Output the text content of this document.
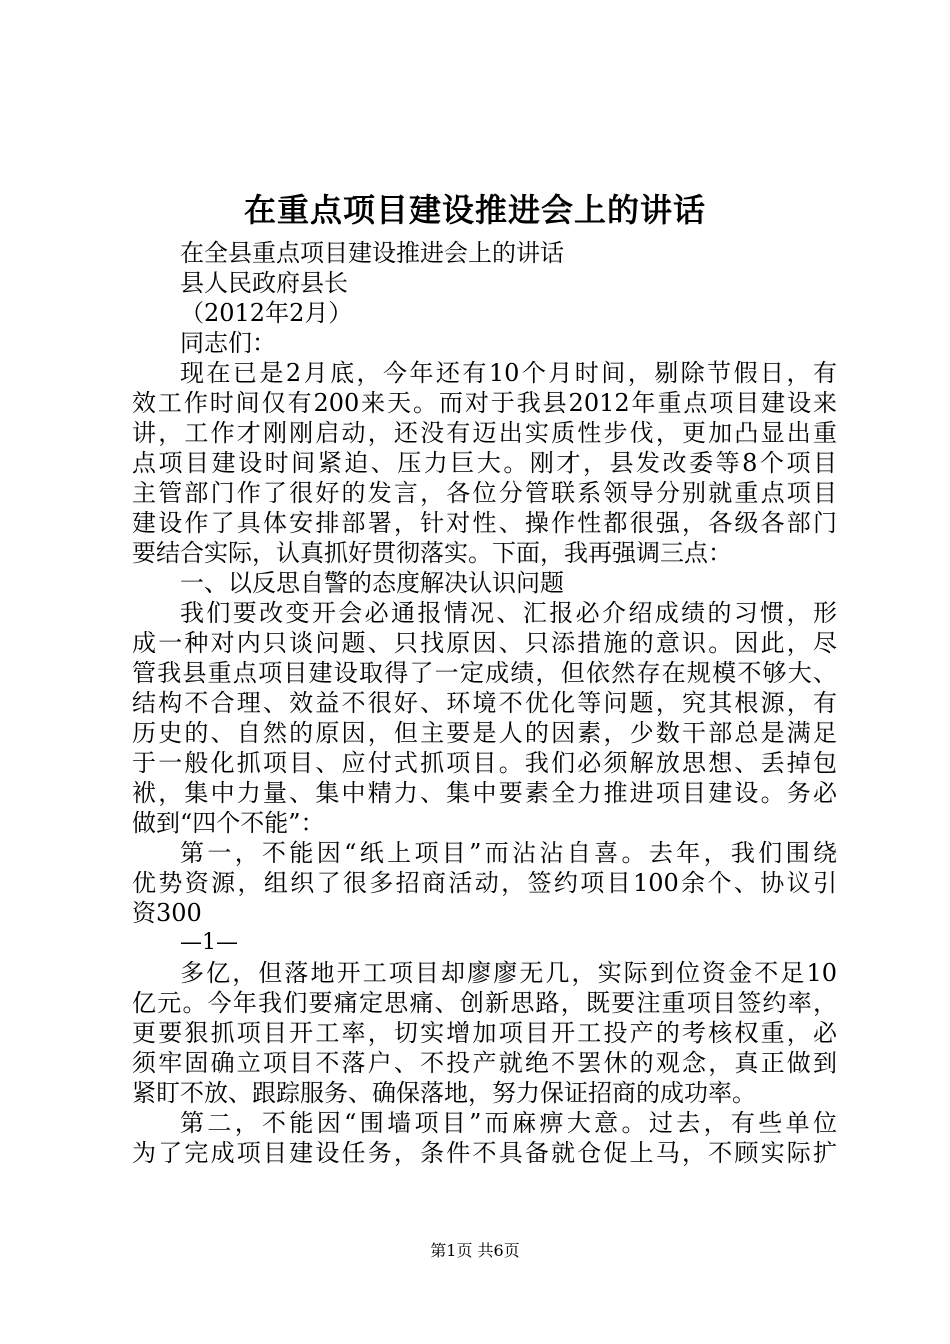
在重点项目建设推进会上的讲话
在全县重点项目建设推进会上的讲话
县人民政府县长
（2012年2月）
同志们：
现在已是2月底，今年还有10个月时间，剔除节假日，有
效工作时间仅有200来天。而对于我县2012年重点项目建设来
讲，工作才刚刚启动，还没有迈出实质性步伐，更加凸显出重
点项目建设时间紧迫、压力巨大。刚才，县发改委等8个项目
主管部门作了很好的发言，各位分管联系领导分别就重点项目
建设作了具体安排部署，针对性、操作性都很强，各级各部门
要结合实际，认真抓好贯彻落实。下面，我再强调三点：
一、以反思自警的态度解决认识问题
我们要改变开会必通报情况、汇报必介绍成绩的习惯，形
成一种对内只谈问题、只找原因、只添措施的意识。因此，尽
管我县重点项目建设取得了一定成绩，但依然存在规模不够大、
结构不合理、效益不很好、环境不优化等问题，究其根源，有
历史的、自然的原因，但主要是人的因素，少数干部总是满足
于一般化抓项目、应付式抓项目。我们必须解放思想、丢掉包
袱，集中力量、集中精力、集中要素全力推进项目建设。务必
做到“四个不能”：
第一，不能因“纸上项目”而沾沾自喜。去年，我们围绕
优势资源，组织了很多招商活动，签约项目100余个、协议引
资300
—1—
多亿，但落地开工项目却廖廖无几，实际到位资金不足10
亿元。今年我们要痛定思痛、创新思路，既要注重项目签约率，
更要狠抓项目开工率，切实增加项目开工投产的考核权重，必
须牢固确立项目不落户、不投产就绝不罢休的观念，真正做到
紧盯不放、跟踪服务、确保落地，努力保证招商的成功率。
第二，不能因“围墙项目”而麻痹大意。过去，有些单位
为了完成项目建设任务，条件不具备就仓促上马，不顾实际扩
第1页 共6页
